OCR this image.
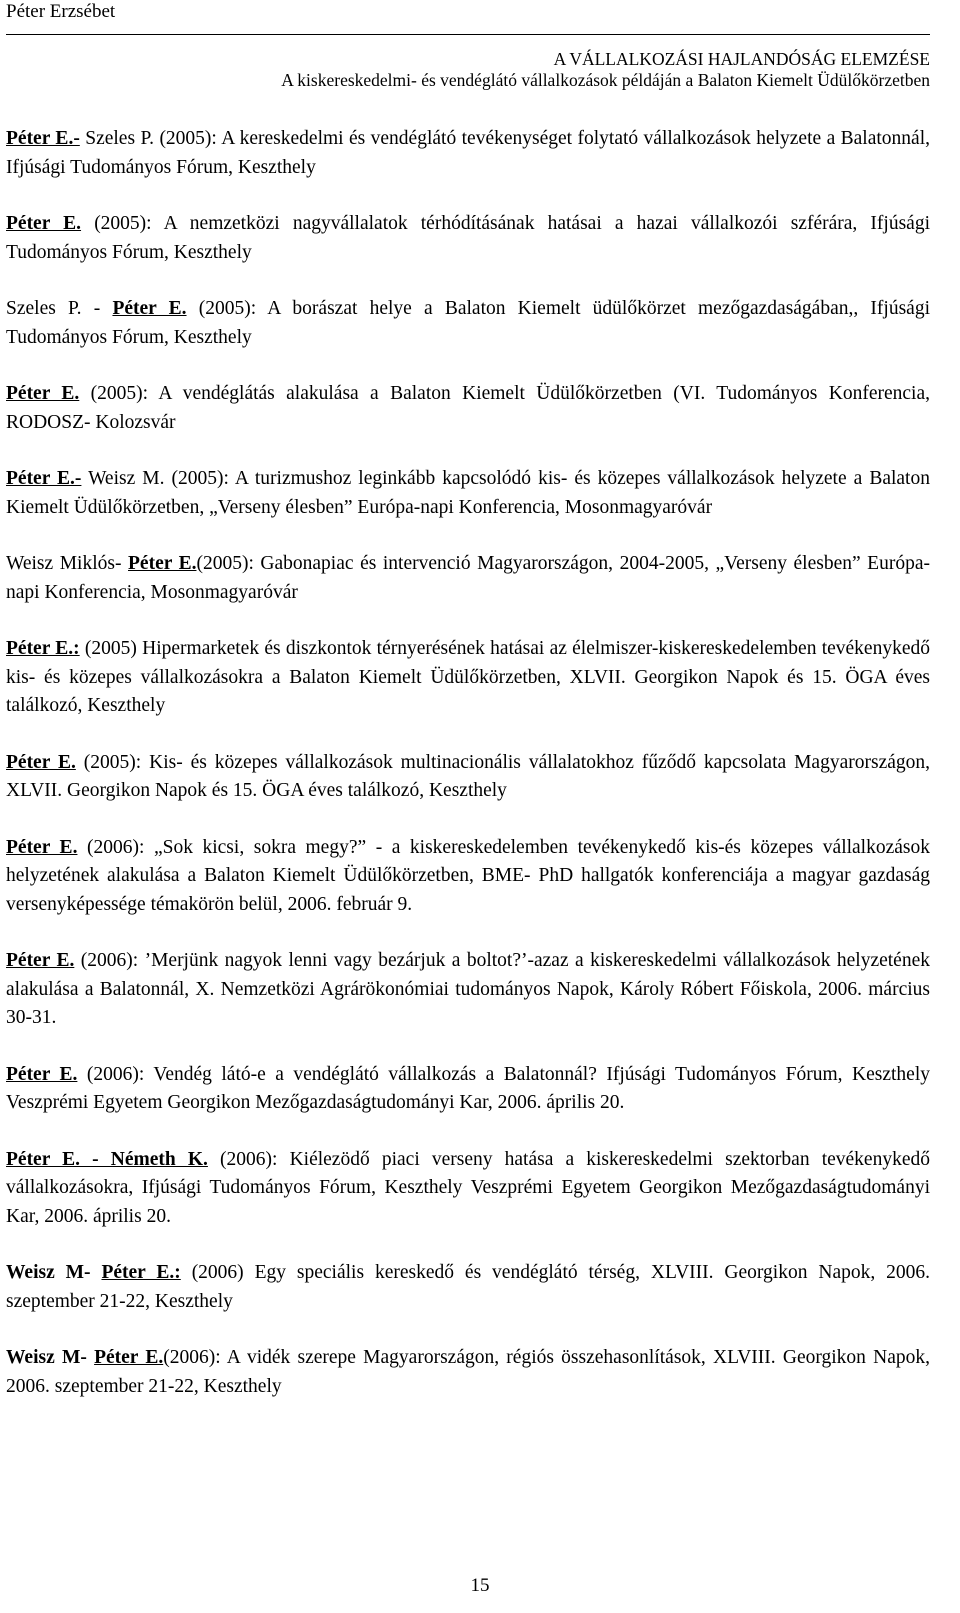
Péter Erzsébet
A VÁLLALKOZÁSI HAJLANDÓSÁG ELEMZÉSE
A kiskereskedelmi- és vendéglátó vállalkozások példáján a Balaton Kiemelt Üdülőkörzetben

Péter E.- Szeles P. (2005): A kereskedelmi és vendéglátó tevékenységet folytató vállalkozások helyzete a Balatonnál, Ifjúsági Tudományos Fórum, Keszthely

Péter E. (2005): A nemzetközi nagyvállalatok térhódításának hatásai a hazai vállalkozói szférára, Ifjúsági Tudományos Fórum, Keszthely

Szeles P. - Péter E. (2005): A borászat helye a Balaton Kiemelt üdülőkörzet mezőgazdaságában,, Ifjúsági Tudományos Fórum, Keszthely

Péter E. (2005): A vendéglátás alakulása a Balaton Kiemelt Üdülőkörzetben (VI. Tudományos Konferencia, RODOSZ- Kolozsvár

Péter E.- Weisz M. (2005): A turizmushoz leginkább kapcsolódó kis- és közepes vállalkozások helyzete a Balaton Kiemelt Üdülőkörzetben, „Verseny élesben” Európa-napi Konferencia, Mosonmagyaróvár

Weisz Miklós- Péter E.(2005): Gabonapiac és intervenció Magyarországon, 2004-2005, „Verseny élesben” Európa-napi Konferencia, Mosonmagyaróvár

Péter E.: (2005) Hipermarketek és diszkontok térnyerésének hatásai az élelmiszer-kiskereskedelemben tevékenykedő kis- és közepes vállalkozásokra a Balaton Kiemelt Üdülőkörzetben, XLVII. Georgikon Napok és 15. ÖGA éves találkozó, Keszthely

Péter E. (2005): Kis- és közepes vállalkozások multinacionális vállalatokhoz fűződő kapcsolata Magyarországon, XLVII. Georgikon Napok és 15. ÖGA éves találkozó, Keszthely

Péter E. (2006): „Sok kicsi, sokra megy?” - a kiskereskedelemben tevékenykedő kis-és közepes vállalkozások helyzetének alakulása a Balaton Kiemelt Üdülőkörzetben, BME- PhD hallgatók konferenciája a magyar gazdaság versenyképessége témakörön belül, 2006. február 9.

Péter E. (2006): ’Merjünk nagyok lenni vagy bezárjuk a boltot?’-azaz a kiskereskedelmi vállalkozások helyzetének alakulása a Balatonnál, X. Nemzetközi Agrárökonómiai tudományos Napok, Károly Róbert Főiskola, 2006. március 30-31.

Péter E. (2006): Vendég látó-e a vendéglátó vállalkozás a Balatonnál? Ifjúsági Tudományos Fórum, Keszthely Veszprémi Egyetem Georgikon Mezőgazdaságtudományi Kar, 2006. április 20.

Péter E. - Németh K. (2006): Kiélezödő piaci verseny hatása a kiskereskedelmi szektorban tevékenykedő vállalkozásokra, Ifjúsági Tudományos Fórum, Keszthely Veszprémi Egyetem Georgikon Mezőgazdaságtudományi Kar, 2006. április 20.

Weisz M- Péter E.: (2006) Egy speciális kereskedő és vendéglátó térség, XLVIII. Georgikon Napok, 2006. szeptember 21-22, Keszthely

Weisz M- Péter E.(2006): A vidék szerepe Magyarországon, régiós összehasonlítások, XLVIII. Georgikon Napok, 2006. szeptember 21-22, Keszthely

15
